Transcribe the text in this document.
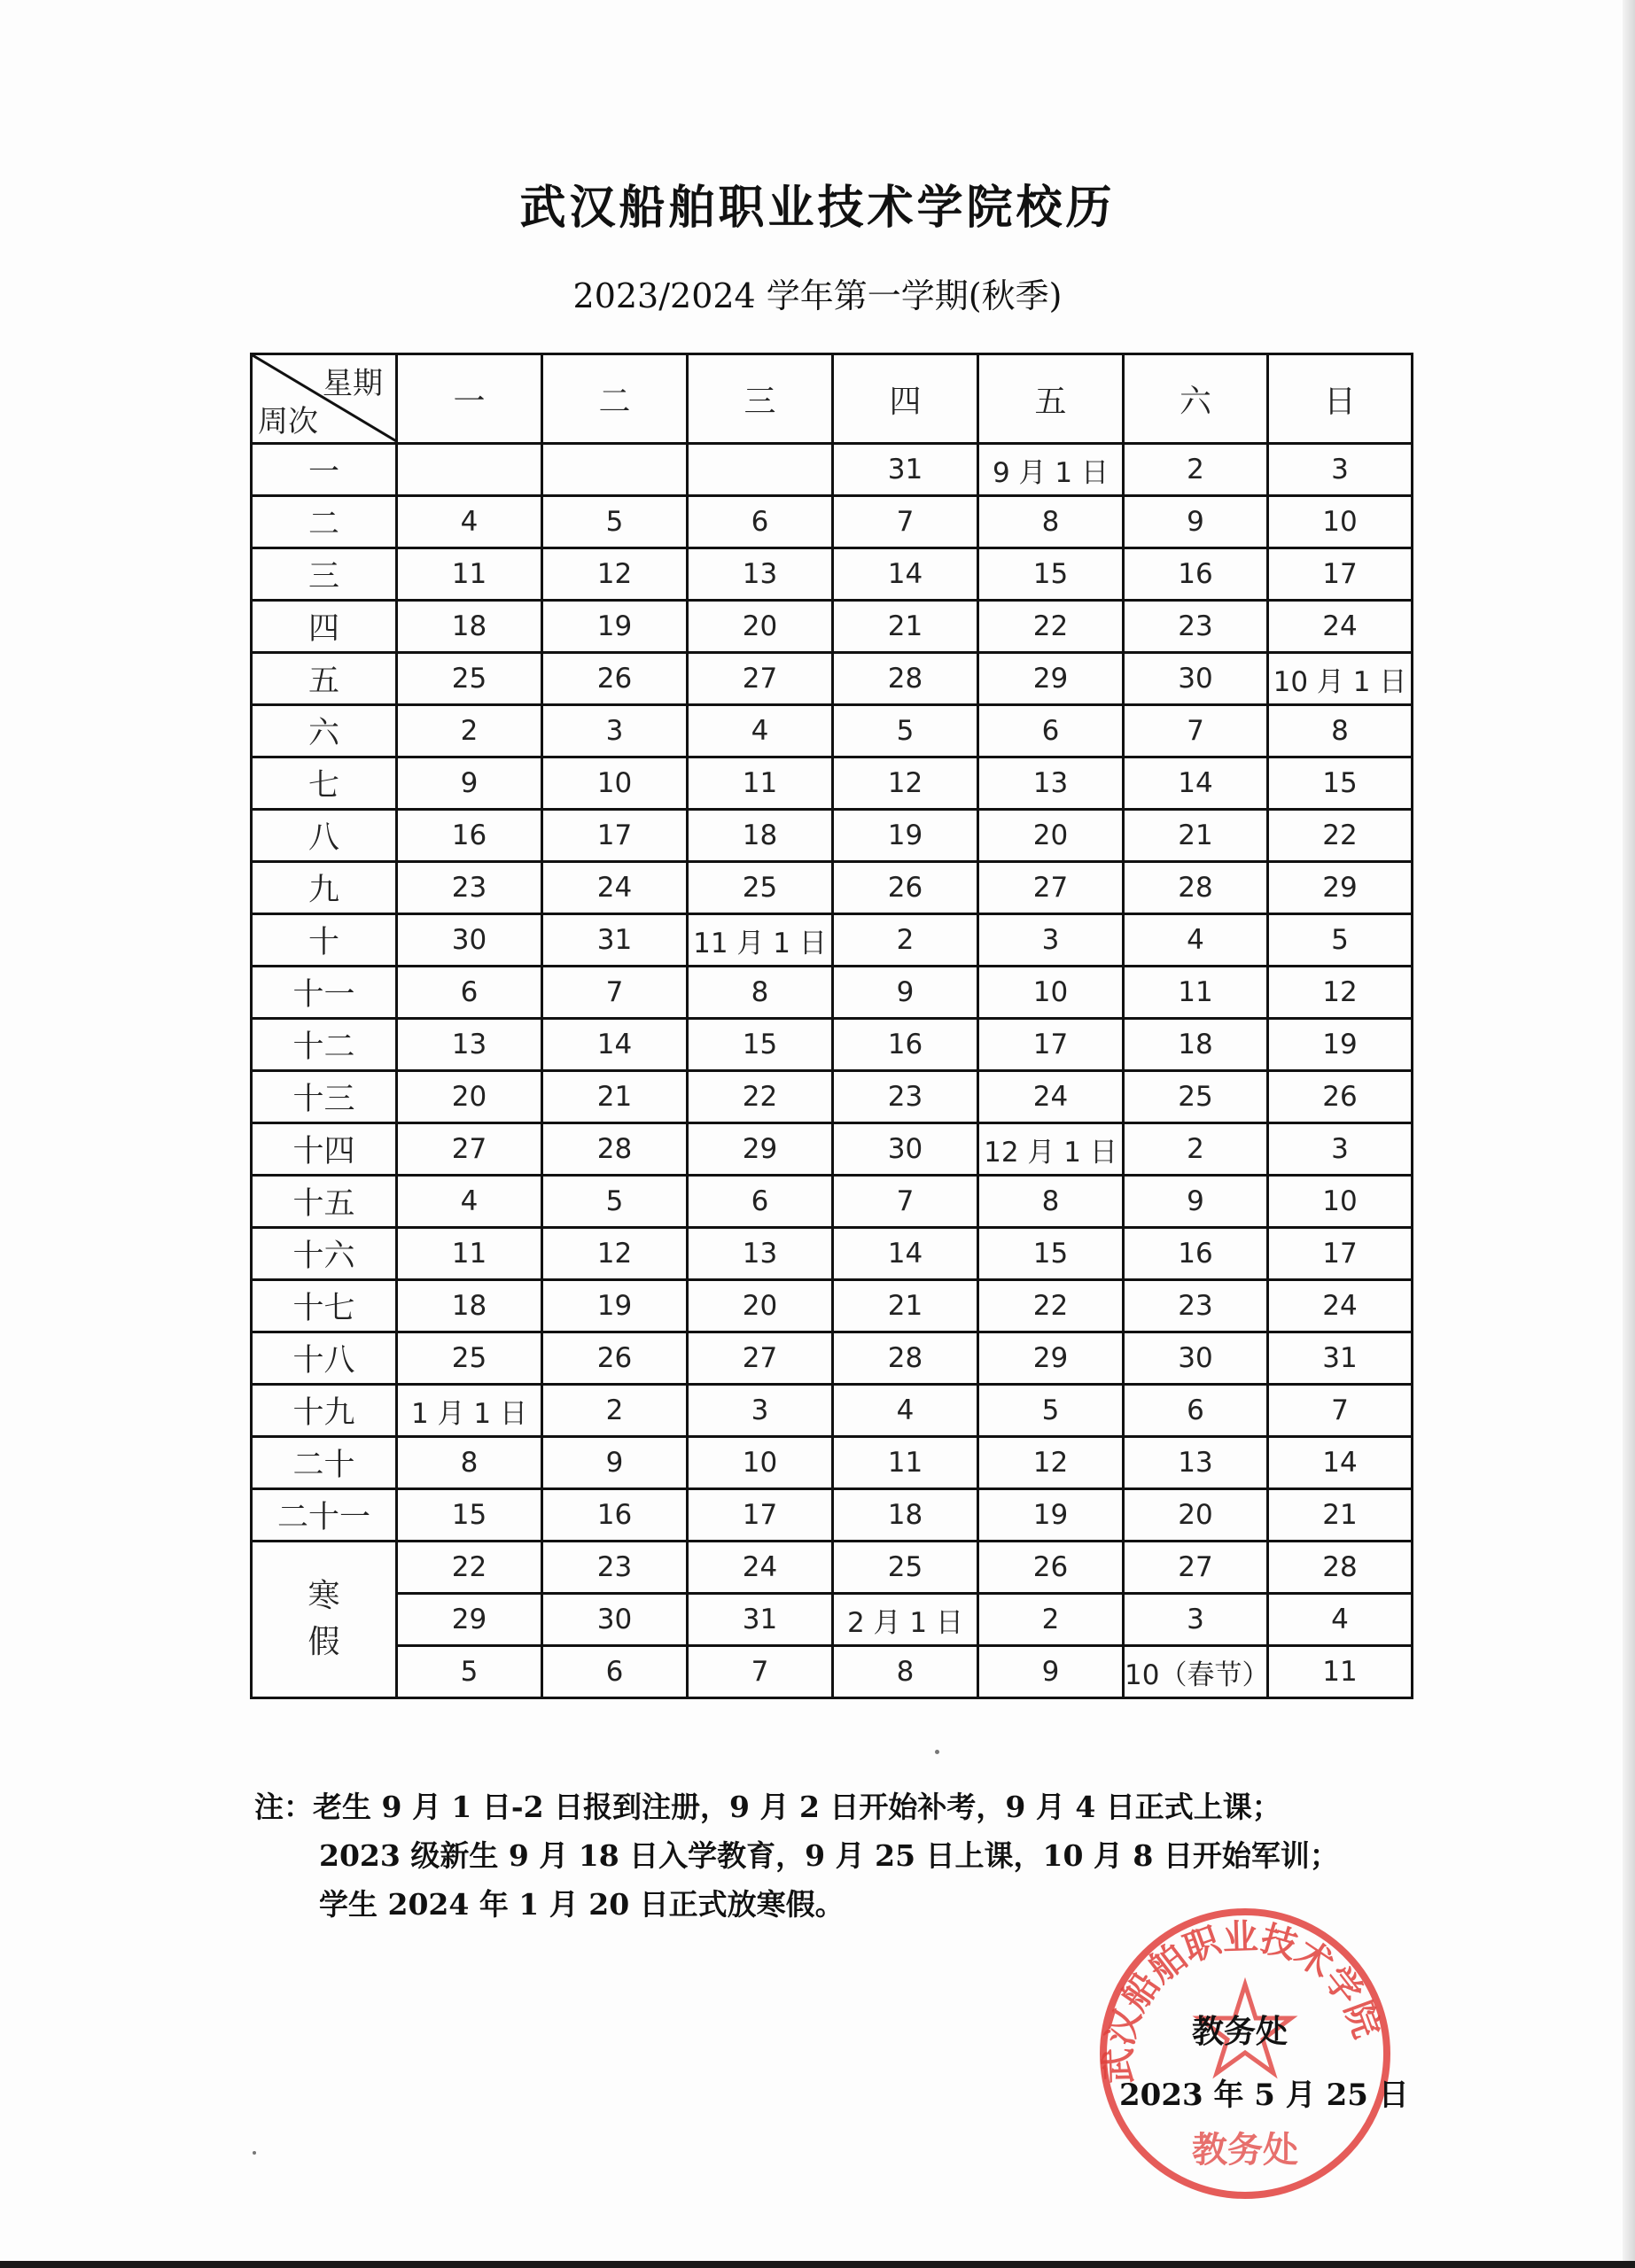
武汉船舶职业技术学院校历
2023/2024 学年第一学期(秋季)
星期
周次	一	二	三	四	五	六	日
一				31	9 月 1 日	2	3
二	4	5	6	7	8	9	10
三	11	12	13	14	15	16	17
四	18	19	20	21	22	23	24
五	25	26	27	28	29	30	10 月 1 日
六	2	3	4	5	6	7	8
七	9	10	11	12	13	14	15
八	16	17	18	19	20	21	22
九	23	24	25	26	27	28	29
十	30	31	11 月 1 日	2	3	4	5
十一	6	7	8	9	10	11	12
十二	13	14	15	16	17	18	19
十三	20	21	22	23	24	25	26
十四	27	28	29	30	12 月 1 日	2	3
十五	4	5	6	7	8	9	10
十六	11	12	13	14	15	16	17
十七	18	19	20	21	22	23	24
十八	25	26	27	28	29	30	31
十九	1 月 1 日	2	3	4	5	6	7
二十	8	9	10	11	12	13	14
二十一	15	16	17	18	19	20	21

寒
假	22	23	24	25	26	27	28
	29	30	31	2 月 1 日	2	3	4
	5	6	7	8	9	10（春节）	11
注：老生 9 月 1 日-2 日报到注册，9 月 2 日开始补考，9 月 4 日正式上课；
2023 级新生 9 月 18 日入学教育，9 月 25 日上课，10 月 8 日开始军训；
学生 2024 年 1 月 20 日正式放寒假。
武汉船舶职业技术学院
教务处
教务处
2023 年 5 月 25 日
